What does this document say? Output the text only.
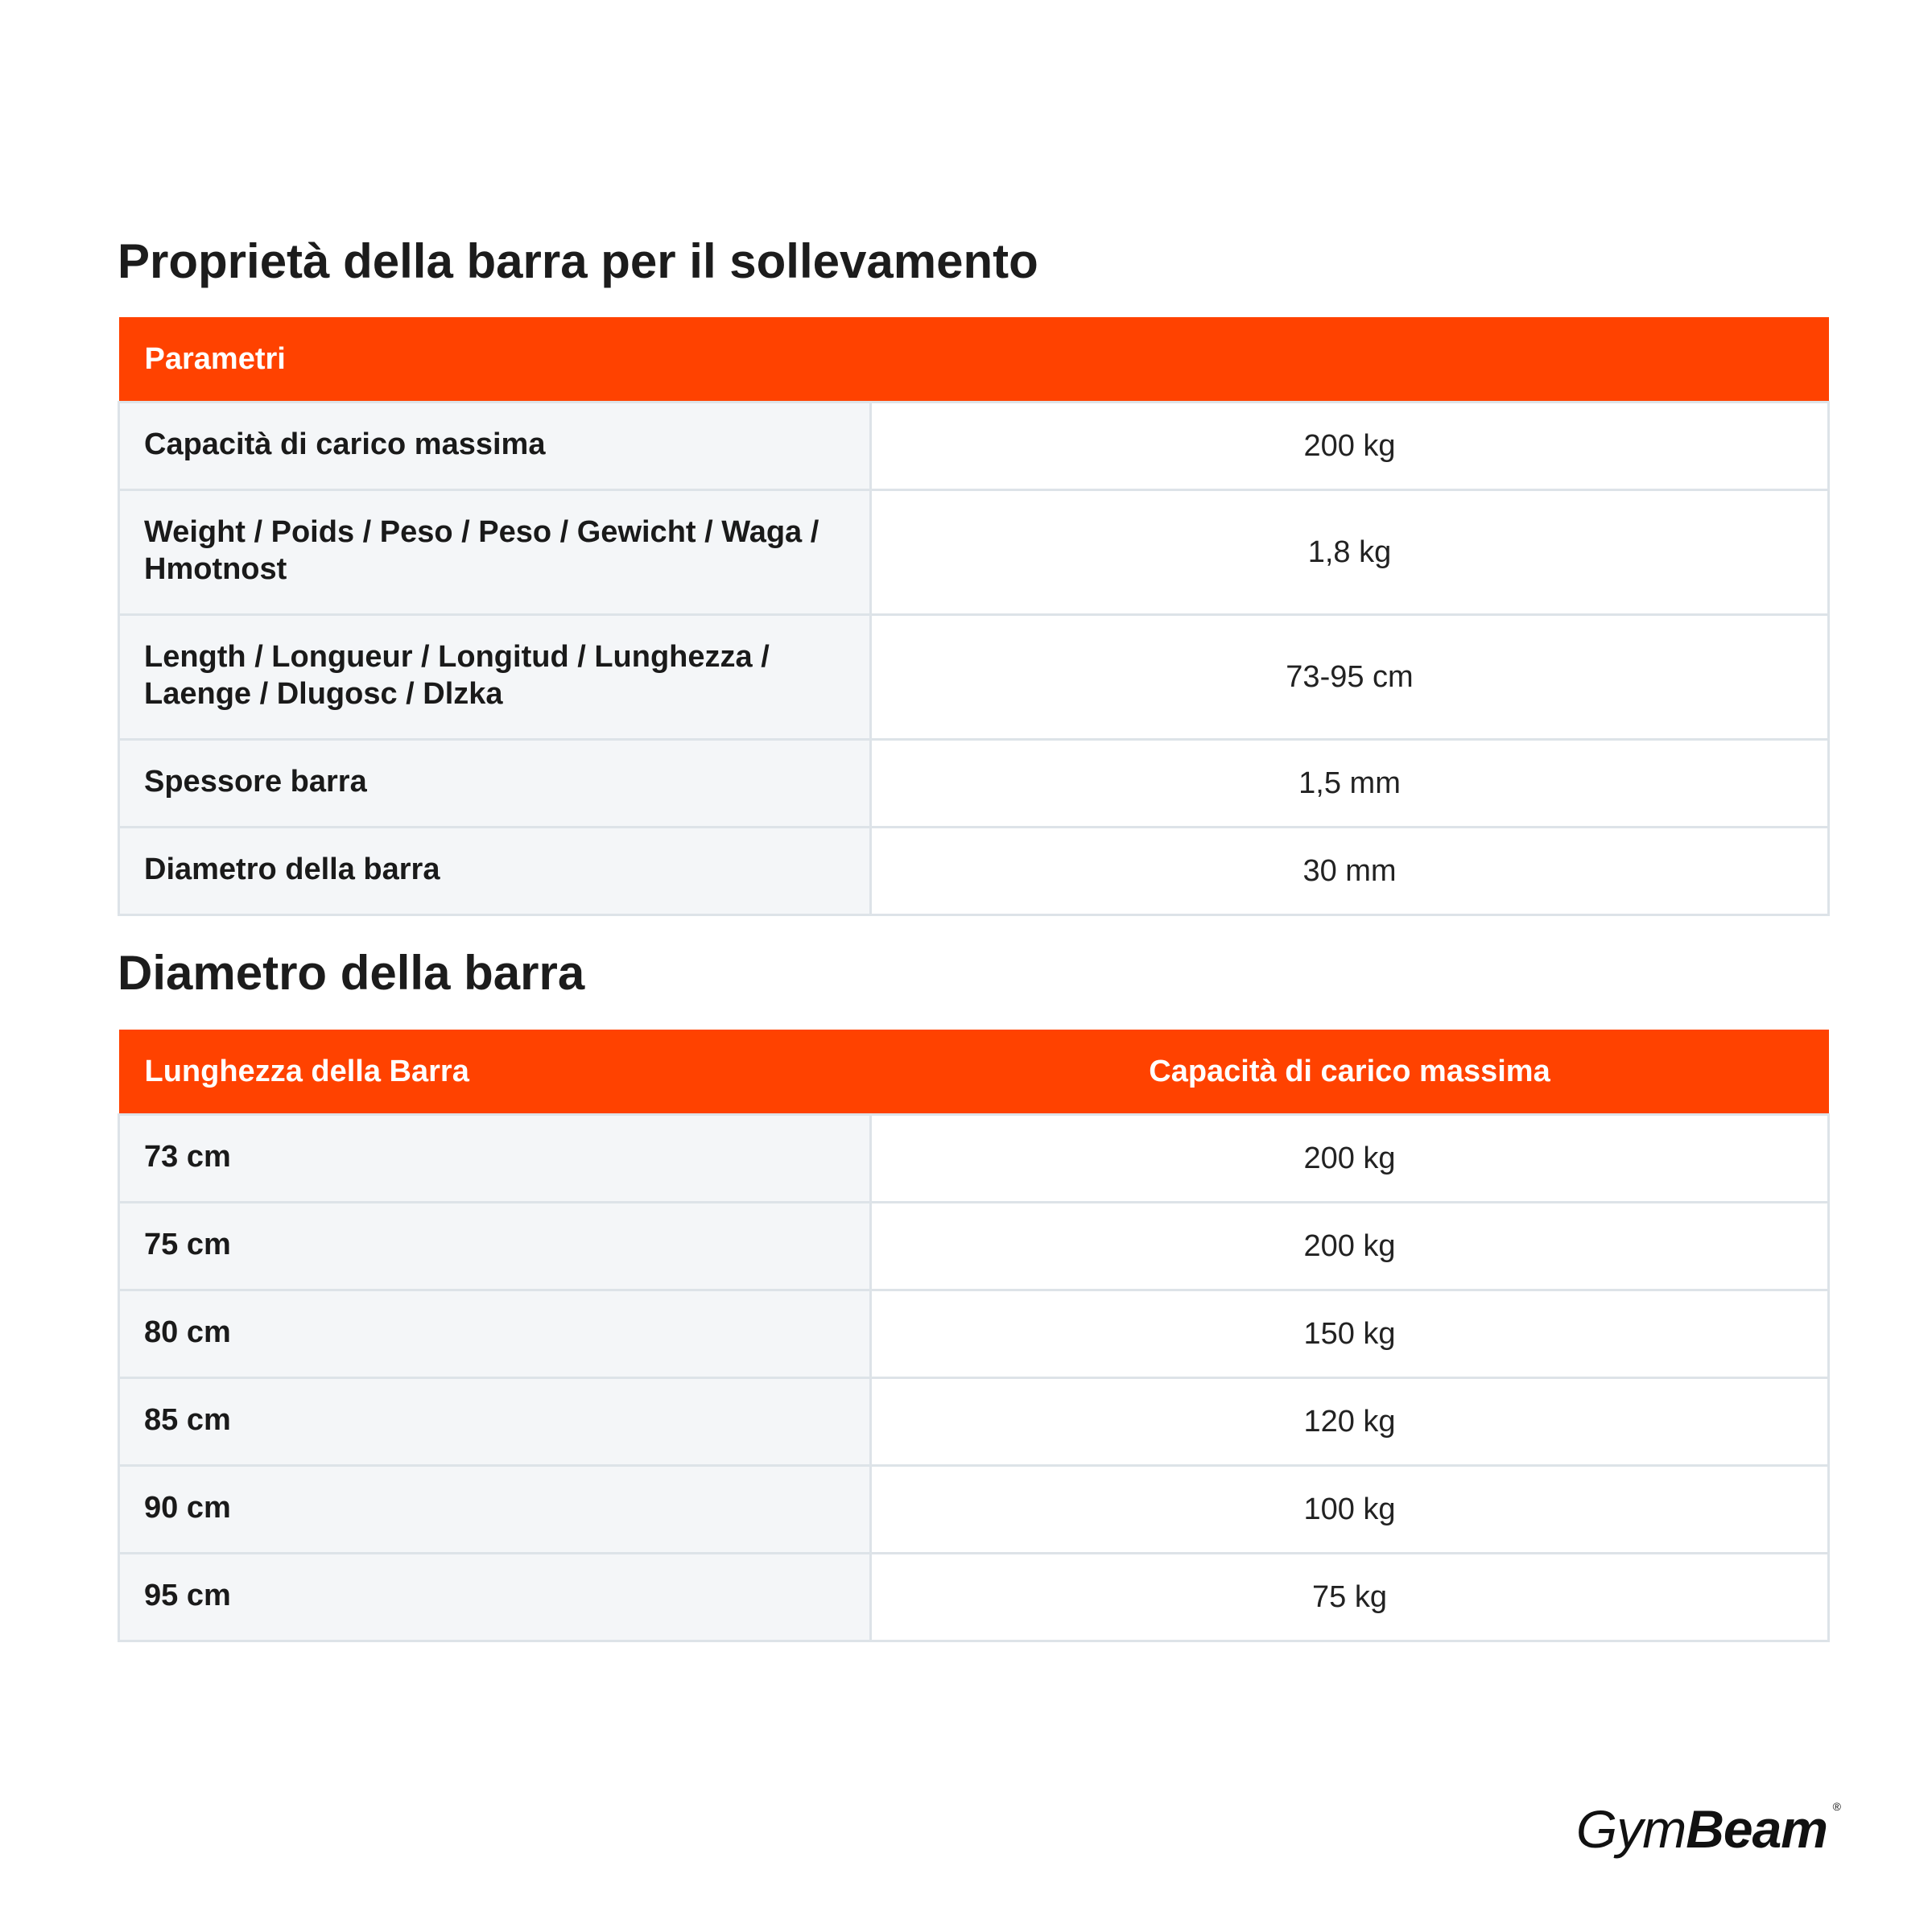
Proprietà della barra per il sollevamento
Parametri	
Capacità di carico massima	200 kg
Weight / Poids / Peso / Peso / Gewicht / Waga / Hmotnost	1,8 kg
Length / Longueur / Longitud / Lunghezza / Laenge / Dlugosc / Dlzka	73-95 cm
Spessore barra	1,5 mm
Diametro della barra	30 mm
Diametro della barra
Lunghezza della Barra	Capacità di carico massima
73 cm	200 kg
75 cm	200 kg
80 cm	150 kg
85 cm	120 kg
90 cm	100 kg
95 cm	75 kg
GymBeam ®
